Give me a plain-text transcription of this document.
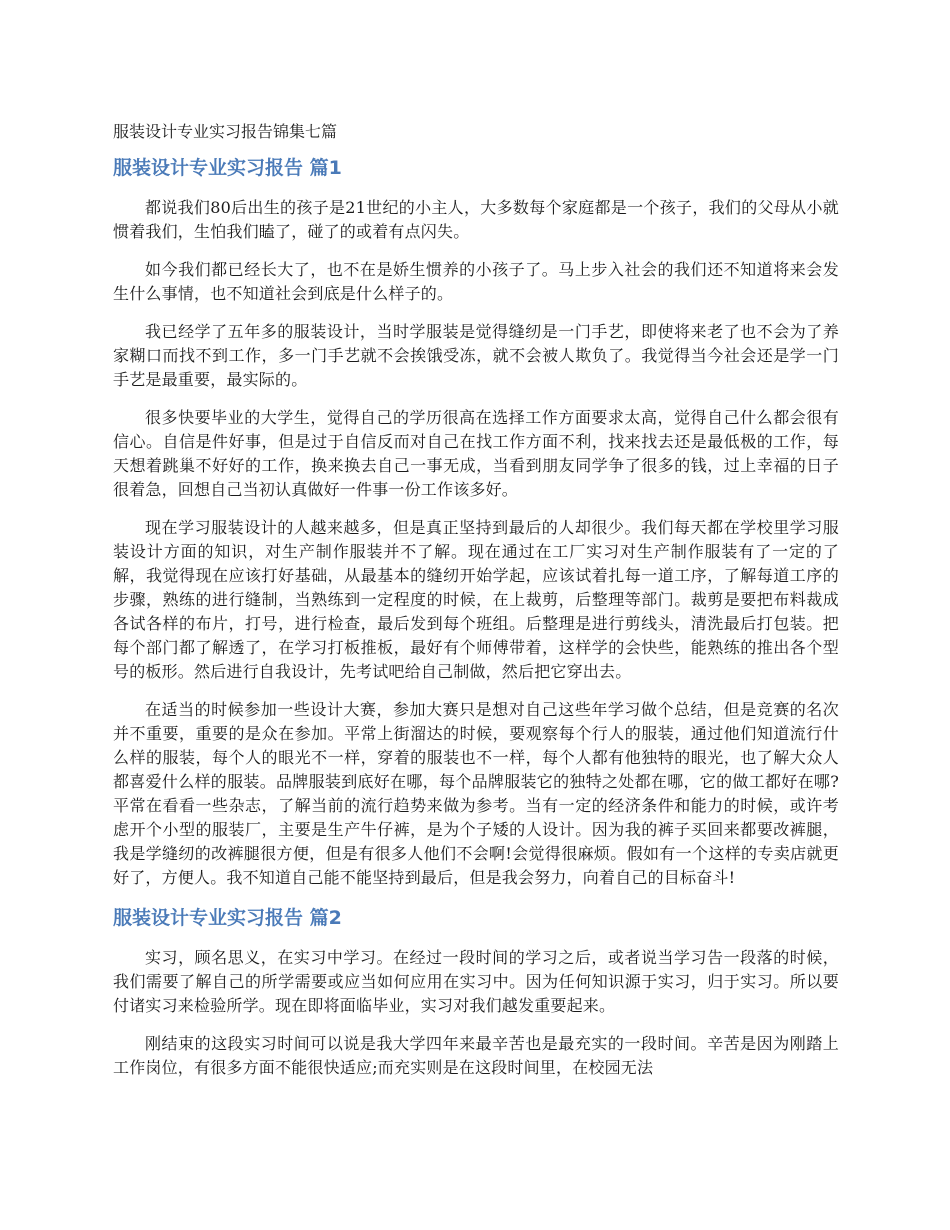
服装设计专业实习报告锦集七篇
服装设计专业实习报告 篇1

都说我们80后出生的孩子是21世纪的小主人，大多数每个家庭都是一个孩子，我们的父母从小就惯着我们，生怕我们瞌了，碰了的或着有点闪失。

如今我们都已经长大了，也不在是娇生惯养的小孩子了。马上步入社会的我们还不知道将来会发生什么事情，也不知道社会到底是什么样子的。

我已经学了五年多的服装设计，当时学服装是觉得缝纫是一门手艺，即使将来老了也不会为了养家糊口而找不到工作，多一门手艺就不会挨饿受冻，就不会被人欺负了。我觉得当今社会还是学一门手艺是最重要，最实际的。

很多快要毕业的大学生，觉得自己的学历很高在选择工作方面要求太高，觉得自己什么都会很有信心。自信是件好事，但是过于自信反而对自己在找工作方面不利，找来找去还是最低极的工作，每天想着跳巢不好好的工作，换来换去自己一事无成，当看到朋友同学争了很多的钱，过上幸福的日子很着急，回想自己当初认真做好一件事一份工作该多好。

现在学习服装设计的人越来越多，但是真正坚持到最后的人却很少。我们每天都在学校里学习服装设计方面的知识，对生产制作服装并不了解。现在通过在工厂实习对生产制作服装有了一定的了解，我觉得现在应该打好基础，从最基本的缝纫开始学起，应该试着扎每一道工序，了解每道工序的步骤，熟练的进行缝制，当熟练到一定程度的时候，在上裁剪，后整理等部门。裁剪是要把布料裁成各试各样的布片，打号，进行检查，最后发到每个班组。后整理是进行剪线头，清洗最后打包装。把每个部门都了解透了，在学习打板推板，最好有个师傅带着，这样学的会快些，能熟练的推出各个型号的板形。然后进行自我设计，先考试吧给自己制做，然后把它穿出去。

在适当的时候参加一些设计大赛，参加大赛只是想对自己这些年学习做个总结，但是竞赛的名次并不重要，重要的是众在参加。平常上街溜达的时候，要观察每个行人的服装，通过他们知道流行什么样的服装，每个人的眼光不一样，穿着的服装也不一样，每个人都有他独特的眼光，也了解大众人都喜爱什么样的服装。品牌服装到底好在哪，每个品牌服装它的独特之处都在哪，它的做工都好在哪?平常在看看一些杂志，了解当前的流行趋势来做为参考。当有一定的经济条件和能力的时候，或许考虑开个小型的服装厂，主要是生产牛仔裤，是为个子矮的人设计。因为我的裤子买回来都要改裤腿，我是学缝纫的改裤腿很方便，但是有很多人他们不会啊!会觉得很麻烦。假如有一个这样的专卖店就更好了，方便人。我不知道自己能不能坚持到最后，但是我会努力，向着自己的目标奋斗!

服装设计专业实习报告 篇2

实习，顾名思义，在实习中学习。在经过一段时间的学习之后，或者说当学习告一段落的时候，我们需要了解自己的所学需要或应当如何应用在实习中。因为任何知识源于实习，归于实习。所以要付诸实习来检验所学。现在即将面临毕业，实习对我们越发重要起来。

刚结束的这段实习时间可以说是我大学四年来最辛苦也是最充实的一段时间。辛苦是因为刚踏上工作岗位，有很多方面不能很快适应;而充实则是在这段时间里，在校园无法
